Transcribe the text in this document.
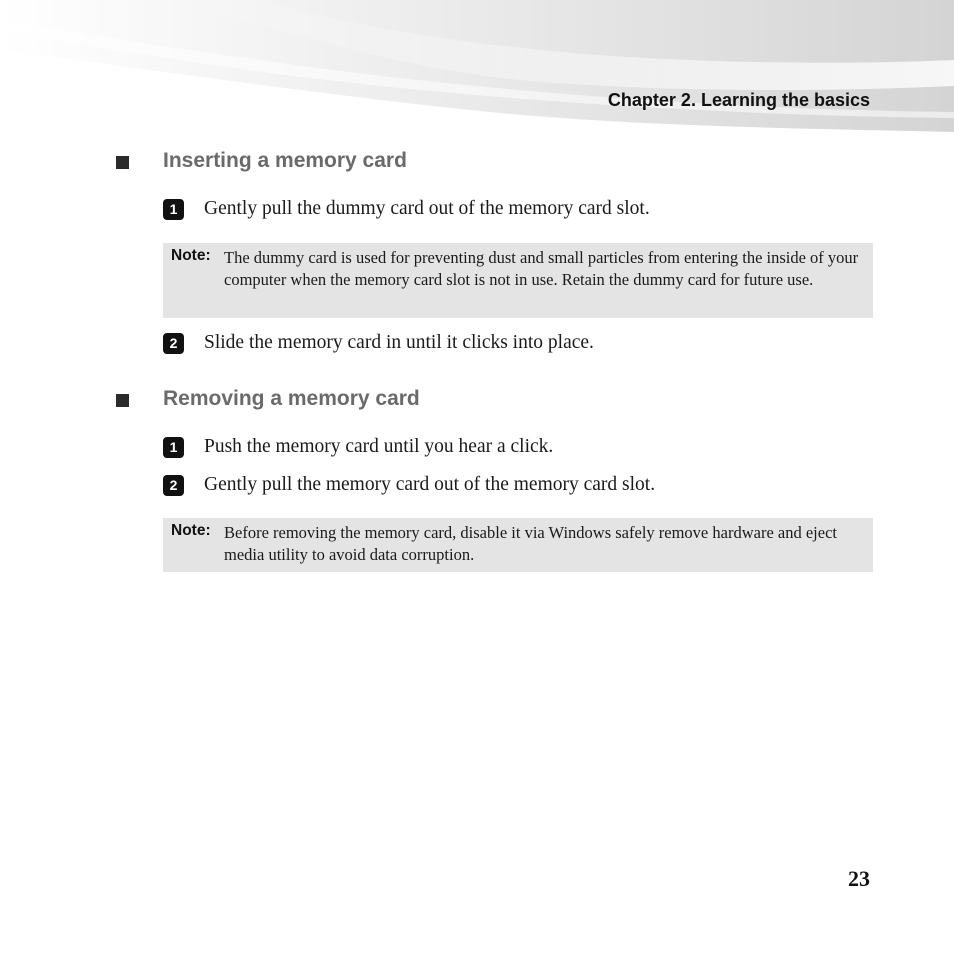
Chapter 2. Learning the basics
Inserting a memory card
1	Gently pull the dummy card out of the memory card slot.
Note: The dummy card is used for preventing dust and small particles from entering the inside of your computer when the memory card slot is not in use. Retain the dummy card for future use.
2	Slide the memory card in until it clicks into place.
Removing a memory card
1	Push the memory card until you hear a click.
2	Gently pull the memory card out of the memory card slot.
Note: Before removing the memory card, disable it via Windows safely remove hardware and eject media utility to avoid data corruption.
23
